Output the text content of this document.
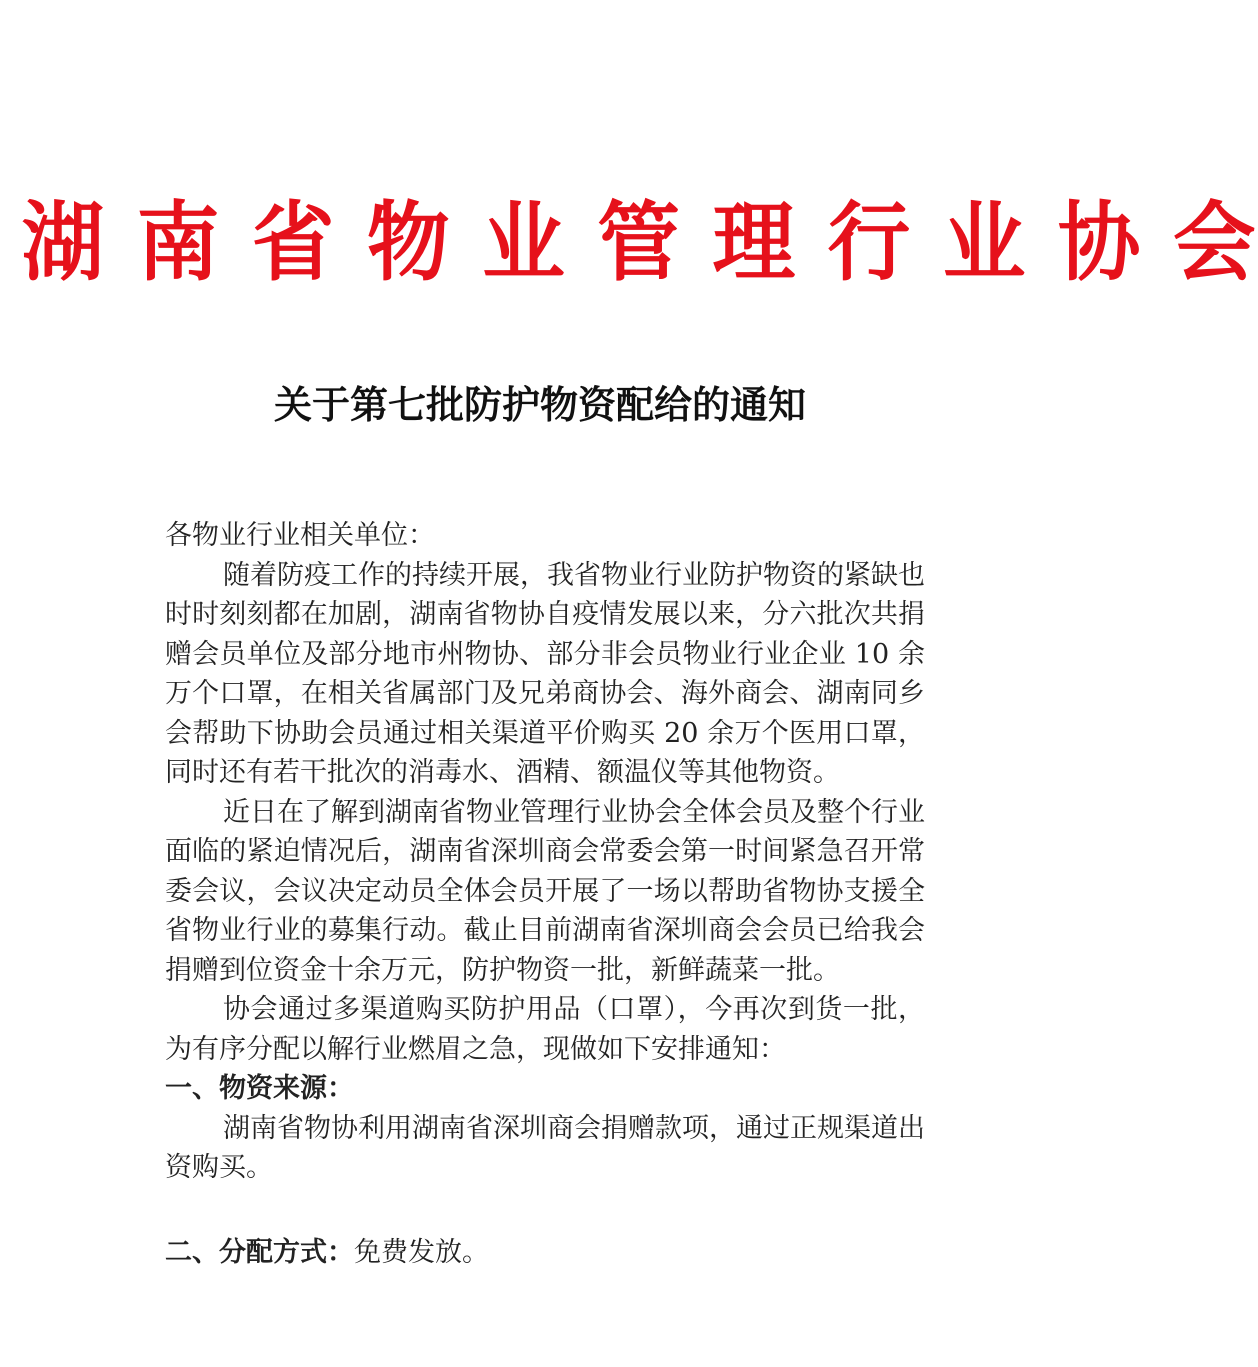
湖 南 省 物 业 管 理 行 业 协 会
关于第七批防护物资配给的通知

各物业行业相关单位：

随着防疫工作的持续开展，我省物业行业防护物资的紧缺也时时刻刻都在加剧，湖南省物协自疫情发展以来，分六批次共捐赠会员单位及部分地市州物协、部分非会员物业行业企业 10 余万个口罩，在相关省属部门及兄弟商协会、海外商会、湖南同乡会帮助下协助会员通过相关渠道平价购买 20 余万个医用口罩，同时还有若干批次的消毒水、酒精、额温仪等其他物资。

近日在了解到湖南省物业管理行业协会全体会员及整个行业面临的紧迫情况后，湖南省深圳商会常委会第一时间紧急召开常委会议，会议决定动员全体会员开展了一场以帮助省物协支援全省物业行业的募集行动。截止目前湖南省深圳商会会员已给我会捐赠到位资金十余万元，防护物资一批，新鲜蔬菜一批。

协会通过多渠道购买防护用品（口罩），今再次到货一批，为有序分配以解行业燃眉之急，现做如下安排通知：

一、物资来源：

湖南省物协利用湖南省深圳商会捐赠款项，通过正规渠道出资购买。

二、分配方式：免费发放。
